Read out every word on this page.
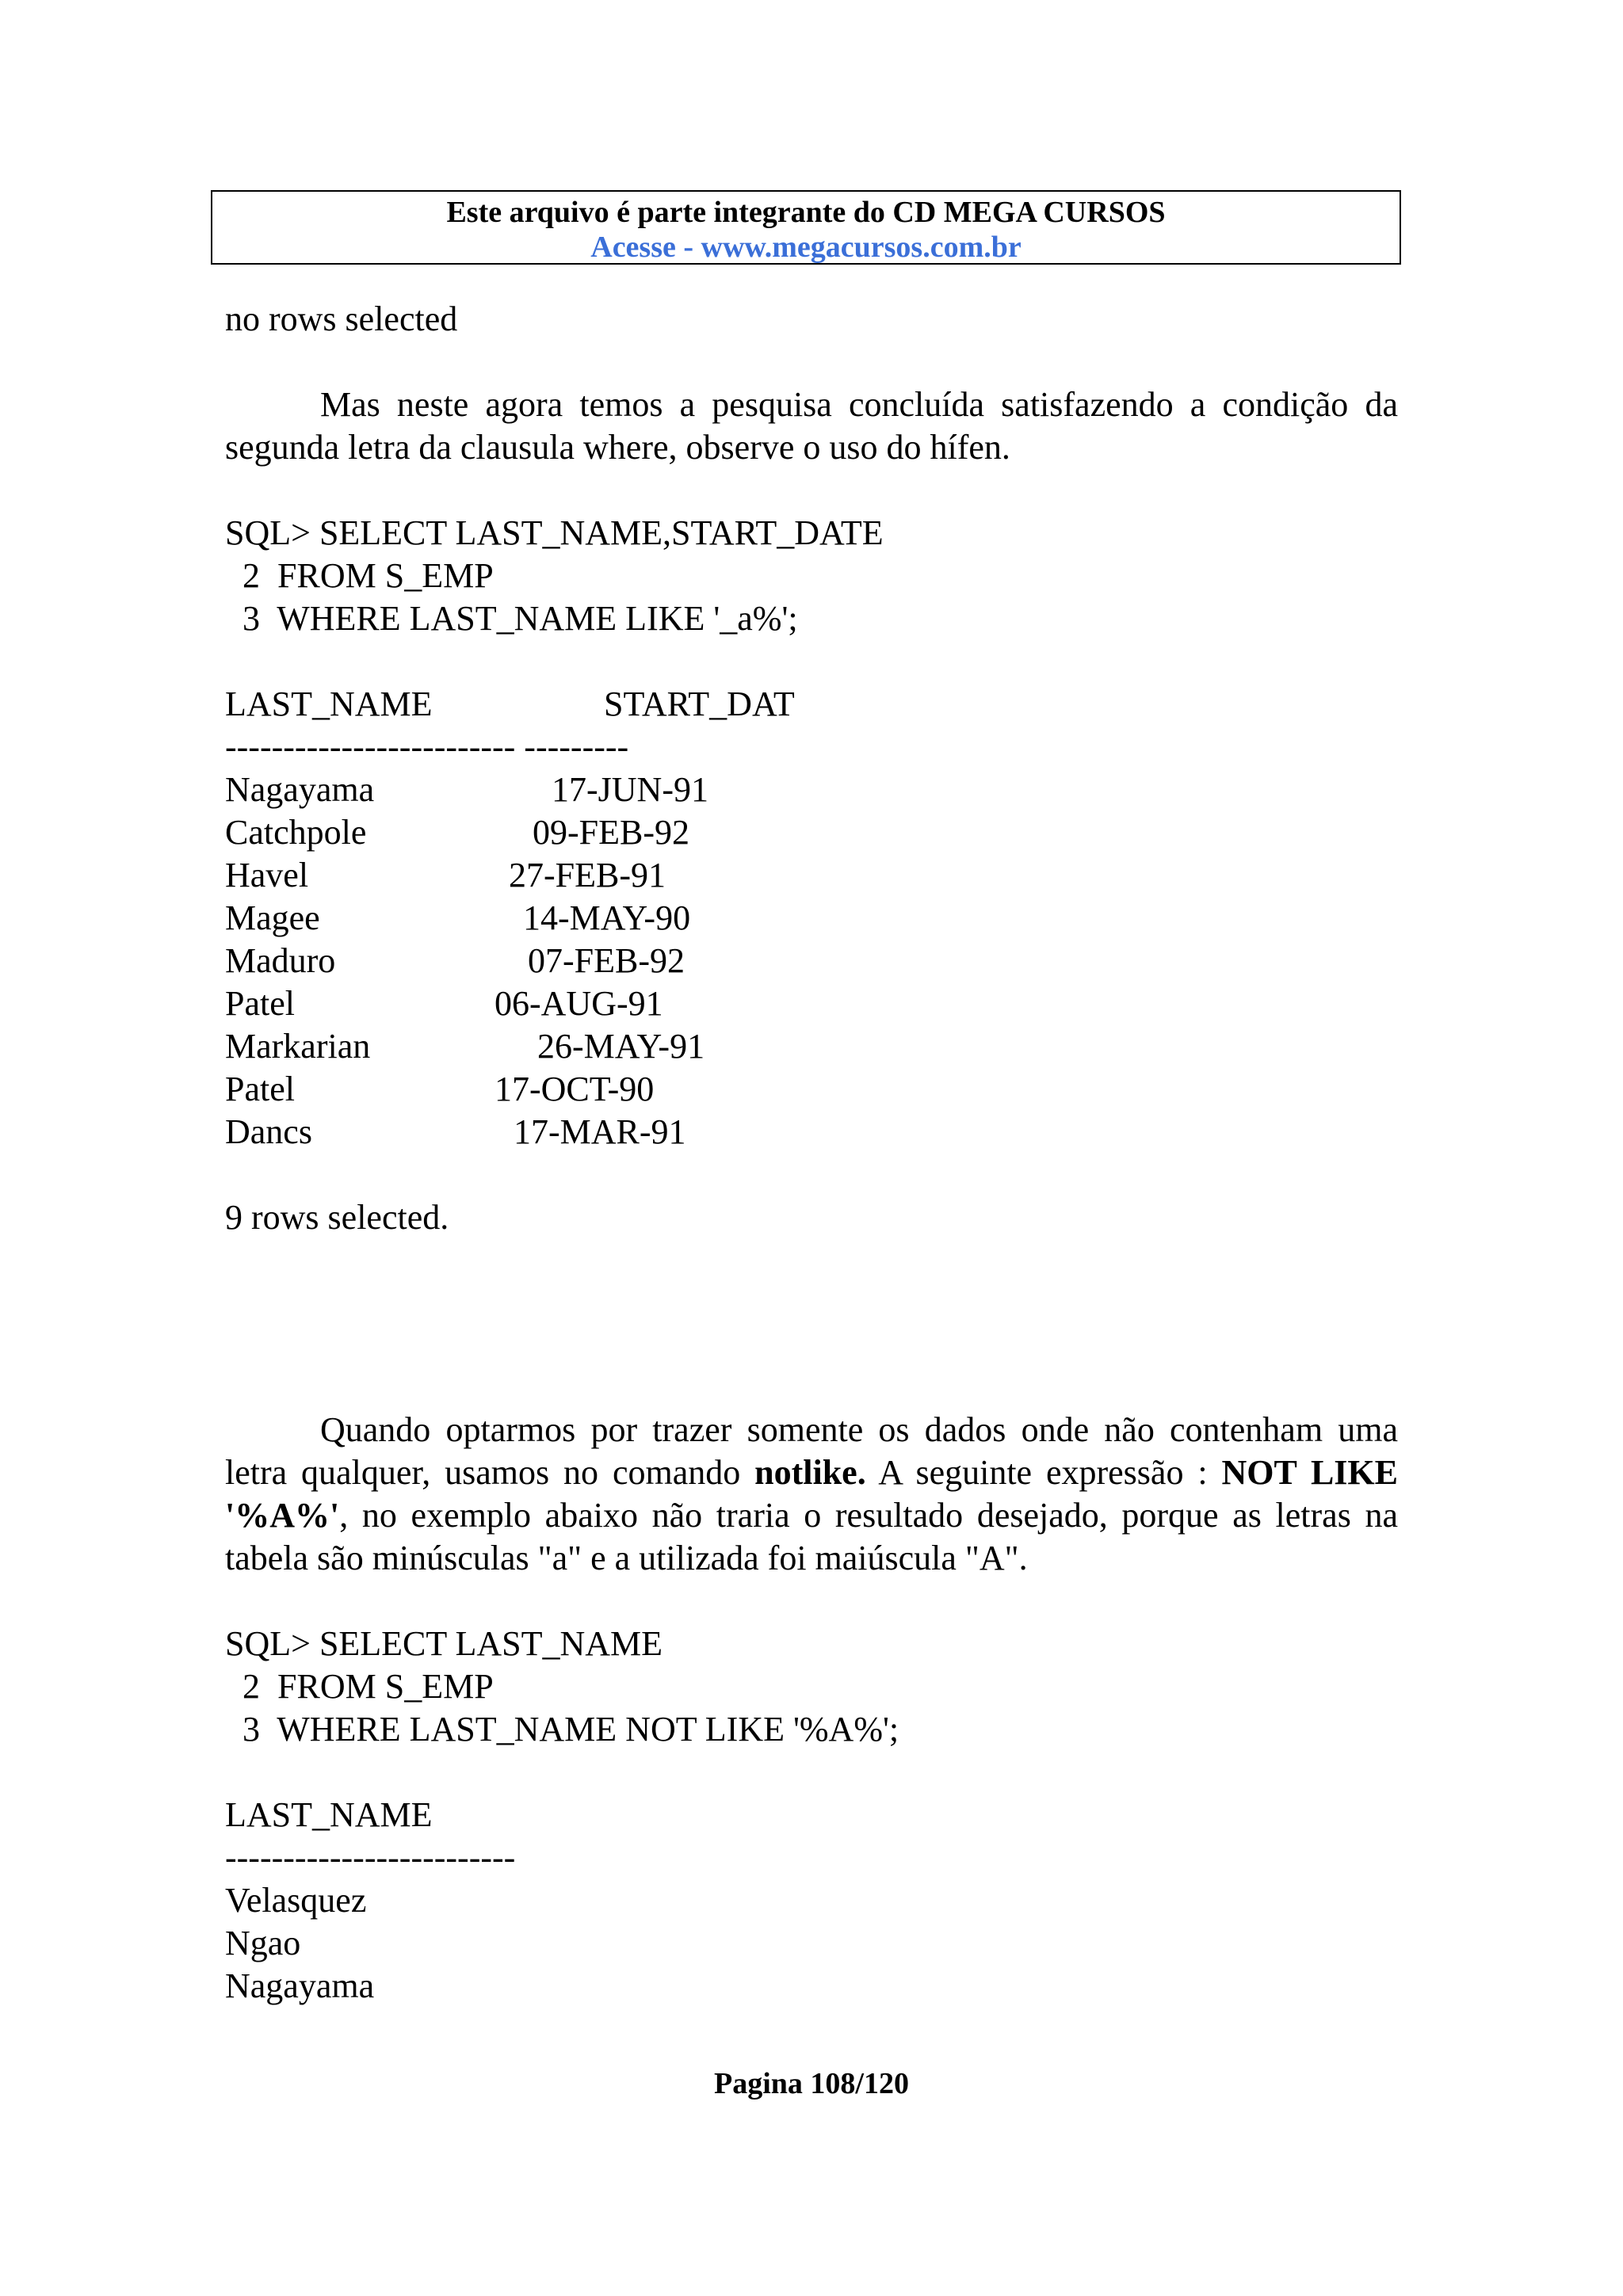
Este arquivo é parte integrante do CD MEGA CURSOS
Acesse - www.megacursos.com.br
no rows selected
Mas neste agora temos a pesquisa concluída satisfazendo a condição da segunda letra da clausula where, observe o uso do hífen.
SQL> SELECT LAST_NAME,START_DATE
2  FROM S_EMP
3  WHERE LAST_NAME LIKE '_a%';
LAST_NAME	START_DAT
------------------------- ---------
Nagayama	17-JUN-91
Catchpole	09-FEB-92
Havel	27-FEB-91
Magee	14-MAY-90
Maduro	07-FEB-92
Patel	06-AUG-91
Markarian	26-MAY-91
Patel	17-OCT-90
Dancs	17-MAR-91
9 rows selected.
Quando optarmos por trazer somente os dados onde não contenham uma letra qualquer, usamos no comando notlike. A seguinte expressão : NOT LIKE '%A%', no exemplo abaixo não traria o resultado desejado, porque as letras na tabela são minúsculas "a" e a utilizada foi maiúscula "A".
SQL> SELECT LAST_NAME
2  FROM S_EMP
3  WHERE LAST_NAME NOT LIKE '%A%';
LAST_NAME
-------------------------
Velasquez
Ngao
Nagayama
Pagina 108/120
